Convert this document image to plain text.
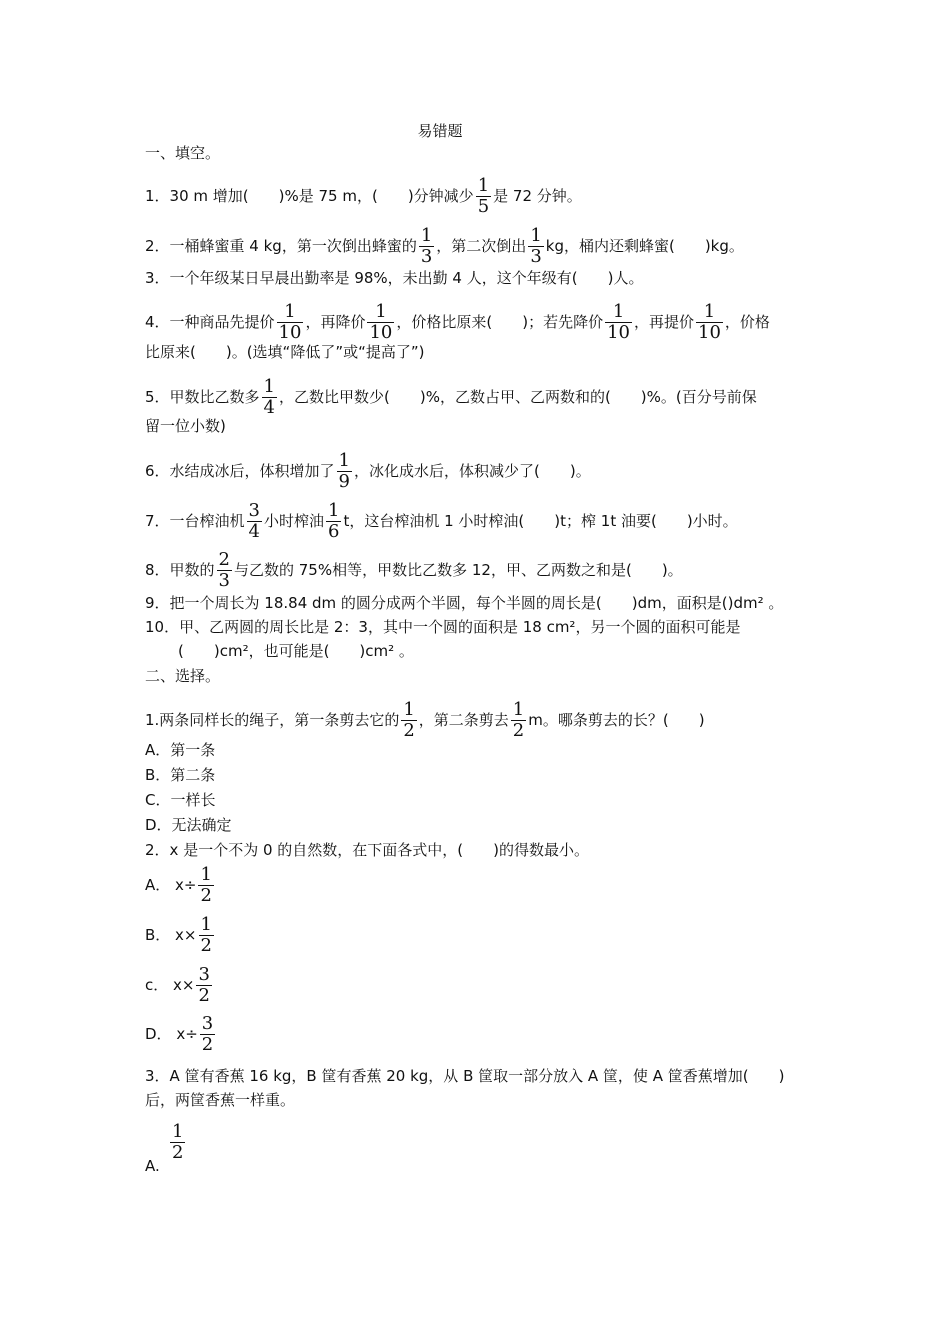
易错题
一、填空。
1．30 m 增加(　　)%是 75 m，(　　)分钟减少 $\frac{1}{5}$ 是 72 分钟。
2．一桶蜂蜜重 4 kg，第一次倒出蜂蜜的 $\frac{1}{3}$ ，第二次倒出 $\frac{1}{3}$ kg，桶内还剩蜂蜜(　　)kg。
3．一个年级某日早晨出勤率是 98%，未出勤 4 人，这个年级有(　　)人。
4．一种商品先提价 $\frac{1}{10}$ ，再降价 $\frac{1}{10}$ ，价格比原来(　　)；若先降价 $\frac{1}{10}$ ，再提价 $\frac{1}{10}$ ，价格
比原来(　　)。(选填“降低了”或“提高了”)
5．甲数比乙数多 $\frac{1}{4}$ ，乙数比甲数少(　　)%，乙数占甲、乙两数和的(　　)%。(百分号前保
留一位小数)
6．水结成冰后，体积增加了 $\frac{1}{9}$ ，冰化成水后，体积减少了(　　)。
7．一台榨油机 $\frac{3}{4}$ 小时榨油 $\frac{1}{6}$ t，这台榨油机 1 小时榨油(　　)t；榨 1t 油要(　　)小时。
8．甲数的 $\frac{2}{3}$ 与乙数的 75%相等，甲数比乙数多 12，甲、乙两数之和是(　　)。
9．把一个周长为 18.84 dm 的圆分成两个半圆，每个半圆的周长是(　　)dm，面积是()dm² 。
10．甲、乙两圆的周长比是 2：3，其中一个圆的面积是 18 cm²，另一个圆的面积可能是
(　　)cm²，也可能是(　　)cm² 。
二、选择。
1.两条同样长的绳子，第一条剪去它的 $\frac{1}{2}$ ，第二条剪去 $\frac{1}{2}$ m。哪条剪去的长？(　　)
A．第一条
B．第二条
C．一样长
D．无法确定
2．x 是一个不为 0 的自然数，在下面各式中，(　　)的得数最小。
A． $x\div \frac{1}{2}$
B． $x\times \frac{1}{2}$
c． $x\times \frac{3}{2}$
D． $x\div \frac{3}{2}$
3．A 筐有香蕉 16 kg，B 筐有香蕉 20 kg，从 B 筐取一部分放入 A 筐，使 A 筐香蕉增加(　　)
后，两筐香蕉一样重。
$\frac{1}{2}$
A.
